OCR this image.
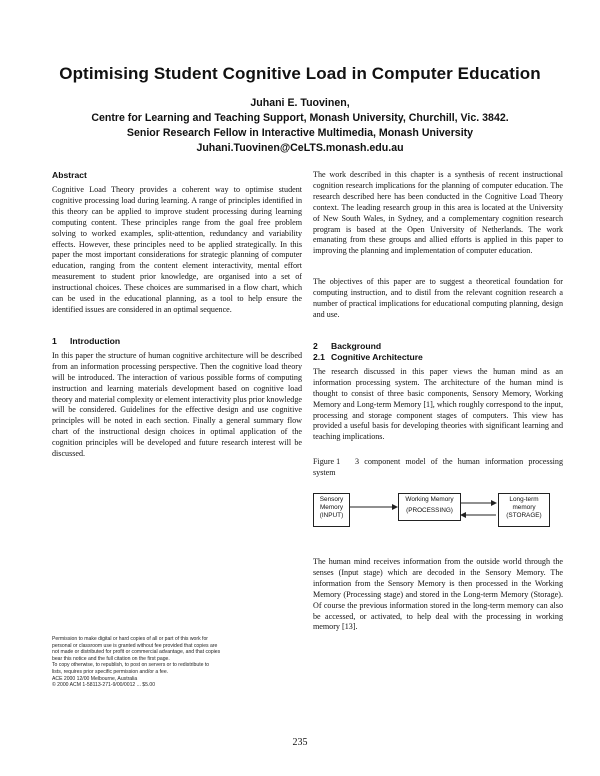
Optimising Student Cognitive Load in Computer Education
Juhani E. Tuovinen,
Centre for Learning and Teaching Support, Monash University, Churchill, Vic. 3842.
Senior Research Fellow in Interactive Multimedia, Monash University
Juhani.Tuovinen@CeLTS.monash.edu.au
Abstract

Cognitive Load Theory provides a coherent way to optimise student cognitive processing load during learning. A range of principles identified in this theory can be applied to improve student processing during learning computing content. These principles range from the goal free problem solving to worked examples, split-attention, redundancy and variability effects. However, these principles need to be applied strategically. In this paper the most important considerations for strategic planning of computer education, ranging from the content element interactivity, mental effort measurement to student prior knowledge, are organised into a set of instructional choices. These choices are summarised in a flow chart, which can be used in the educational planning, as a tool to help ensure the identified issues are considered in an optimal sequence.

1 Introduction

In this paper the structure of human cognitive architecture will be described from an information processing perspective. Then the cognitive load theory will be introduced. The interaction of various possible forms of computing instruction and learning materials development based on cognitive load theory and material complexity or element interactivity plus prior knowledge will be considered. Guidelines for the effective design and use cognitive principles will be noted in each section. Finally a general summary flow chart of the instructional design choices in optimal application of the cognition principles will be developed and future research interest will be discussed.

The work described in this chapter is a synthesis of recent instructional cognition research implications for the planning of computer education. The research described here has been conducted in the Cognitive Load Theory context. The leading research group in this area is located at the University of New South Wales, in Sydney, and a complementary cognition research program is based at the Open University of Netherlands. The work emanating from these groups and allied efforts is applied in this paper to improving the planning and implementation of computer education.

The objectives of this paper are to suggest a theoretical foundation for computing instruction, and to distil from the relevant cognition research a number of practical implications for educational computing planning, design and use.

2 Background
2.1 Cognitive Architecture

The research discussed in this paper views the human mind as an information processing system. The architecture of the human mind is thought to consist of three basic components, Sensory Memory, Working Memory and Long-term Memory [1], which roughly correspond to the input, processing and storage component stages of computers. This view has provided a useful basis for developing theories with significant learning and teaching implications.

Figure 1 3 component model of the human information processing system

Sensory
Memory
(INPUT)
Working Memory
(PROCESSING)
Long-term
memory
(STORAGE)

The human mind receives information from the outside world through the senses (Input stage) which are decoded in the Sensory Memory. The information from the Sensory Memory is then processed in the Working Memory (Processing stage) and stored in the Long-term Memory (Storage). Of course the previous information stored in the long-term memory can also be accessed, or activated, to help deal with the processing in working memory [13].

Permission to make digital or hard copies of all or part of this work for
personal or classroom use is granted without fee provided that copies are
not made or distributed for profit or commercial advantage, and that copies
bear this notice and the full citation on the first page.
To copy otherwise, to republish, to post on servers or to redistribute to
lists, requires prior specific permission and/or a fee.
ACE 2000 12/00 Melbourne, Australia
© 2000 ACM 1-58113-271-9/00/0012 ... $5.00
235
